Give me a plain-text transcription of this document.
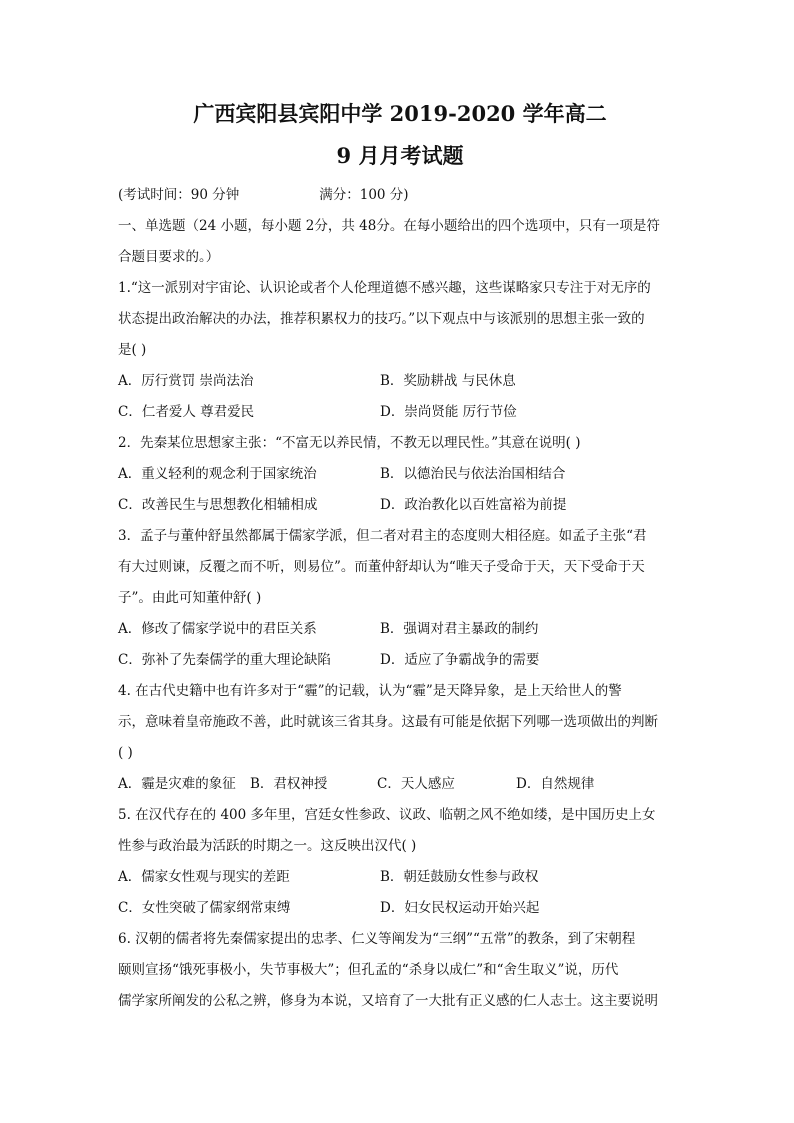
广西宾阳县宾阳中学 2019-2020 学年高二
9 月月考试题
(考试时间：90 分钟	满分：100 分)

一、单选题（24 小题，每小题 2分，共 48分。在每小题给出的四个选项中，只有一项是符

合题目要求的。）

1.“这一派别对宇宙论、认识论或者个人伦理道德不感兴趣，这些谋略家只专注于对无序的

状态提出政治解决的办法，推荐积累权力的技巧。”以下观点中与该派别的思想主张一致的

是( )

A．厉行赏罚 崇尚法治	B．奖励耕战 与民休息
C．仁者爱人 尊君爱民	D．崇尚贤能 厉行节俭

2．先秦某位思想家主张：“不富无以养民情，不教无以理民性。”其意在说明( )

A．重义轻利的观念利于国家统治	B．以德治民与依法治国相结合
C．改善民生与思想教化相辅相成	D．政治教化以百姓富裕为前提

3．孟子与董仲舒虽然都属于儒家学派，但二者对君主的态度则大相径庭。如孟子主张“君

有大过则谏，反覆之而不听，则易位”。而董仲舒却认为“唯天子受命于天，天下受命于天

子”。由此可知董仲舒( )

A．修改了儒家学说中的君臣关系	B．强调对君主暴政的制约
C．弥补了先秦儒学的重大理论缺陷	D．适应了争霸战争的需要

4. 在古代史籍中也有许多对于“霾”的记载，认为“霾”是天降异象，是上天给世人的警

示，意味着皇帝施政不善，此时就该三省其身。这最有可能是依据下列哪一选项做出的判断

( )

A．霾是灾难的象征	B．君权神授	C．天人感应	D．自然规律

5. 在汉代存在的 400 多年里，宫廷女性参政、议政、临朝之风不绝如缕，是中国历史上女

性参与政治最为活跃的时期之一。这反映出汉代( )

A．儒家女性观与现实的差距	B．朝廷鼓励女性参与政权
C．女性突破了儒家纲常束缚	D．妇女民权运动开始兴起

6. 汉朝的儒者将先秦儒家提出的忠孝、仁义等阐发为“三纲”“五常”的教条，到了宋朝程

颐则宣扬“饿死事极小，失节事极大”；但孔孟的“杀身以成仁”和“舍生取义”说，历代

儒学家所阐发的公私之辨，修身为本说，又培育了一大批有正义感的仁人志士。这主要说明
